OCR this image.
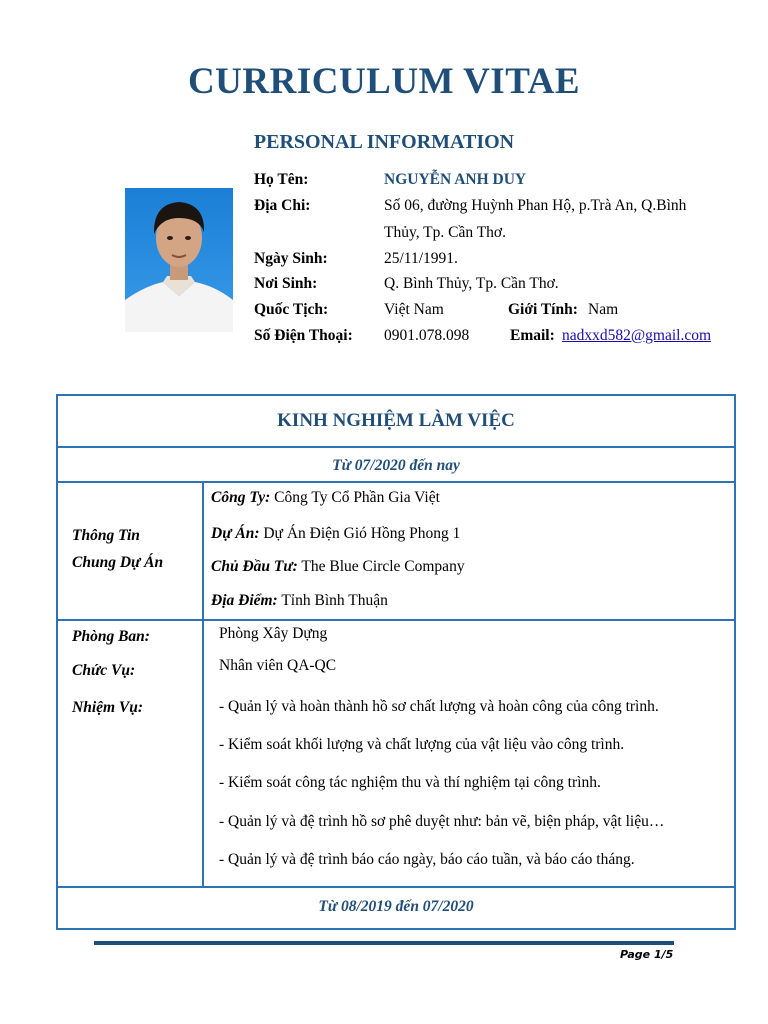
CURRICULUM VITAE
PERSONAL INFORMATION
Họ Tên:	NGUYỄN ANH DUY
Địa Chi:	Số 06, đường Huỳnh Phan Hộ, p.Trà An, Q.Bình
Thủy, Tp. Cần Thơ.
Ngày Sinh:	25/11/1991.
Nơi Sinh:	Q. Bình Thủy, Tp. Cần Thơ.
Quốc Tịch:	Việt Nam	Giới Tính: Nam
Số Điện Thoại: 0901.078.098	Email: nadxxd582@gmail.com
KINH NGHIỆM LÀM VIỆC
Từ 07/2020 đến nay
Thông Tin
Chung Dự Án
Công Ty: Công Ty Cổ Phần Gia Việt
Dự Án: Dự Án Điện Gió Hồng Phong 1
Chủ Đầu Tư: The Blue Circle Company
Địa Điểm: Tỉnh Bình Thuận
Phòng Ban:	Phòng Xây Dựng
Chức Vụ:	Nhân viên QA-QC
Nhiệm Vụ:	- Quản lý và hoàn thành hồ sơ chất lượng và hoàn công của công trình.
- Kiểm soát khối lượng và chất lượng của vật liệu vào công trình.
- Kiểm soát công tác nghiệm thu và thí nghiệm tại công trình.
- Quản lý và đệ trình hồ sơ phê duyệt như: bản vẽ, biện pháp, vật liệu…
- Quản lý và đệ trình báo cáo ngày, báo cáo tuần, và báo cáo tháng.
Từ 08/2019 đến 07/2020
Page 1/5
